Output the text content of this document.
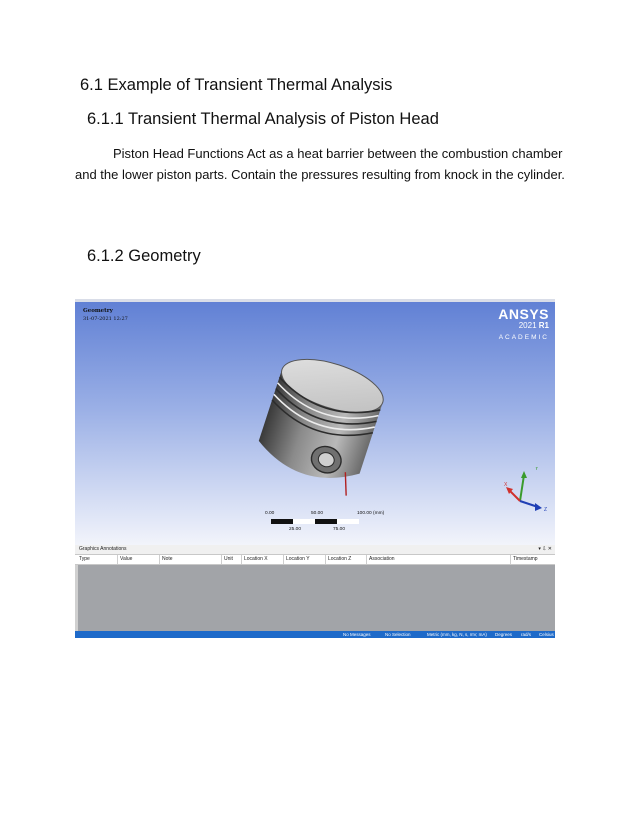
6.1 Example of Transient Thermal Analysis
6.1.1 Transient Thermal Analysis of Piston Head
Piston Head Functions Act as a heat barrier between the combustion chamber and the lower piston parts. Contain the pressures resulting from knock in the cylinder.
6.1.2 Geometry
Geometry
31-07-2021 12:27	ANSYS
2021 R1
ACADEMIC
Y
X
Z
0.00	50.00	100.00 (mm)
25.00	75.00
Graphics Annotations	▾ ⇩ ✕
Type	Value	Note	Unit	Location X	Location Y	Location Z	Association	Timestamp
No Messages	No Selection	Metric (mm, kg, N, s, mV, mA) Degrees rad/s Celsius
